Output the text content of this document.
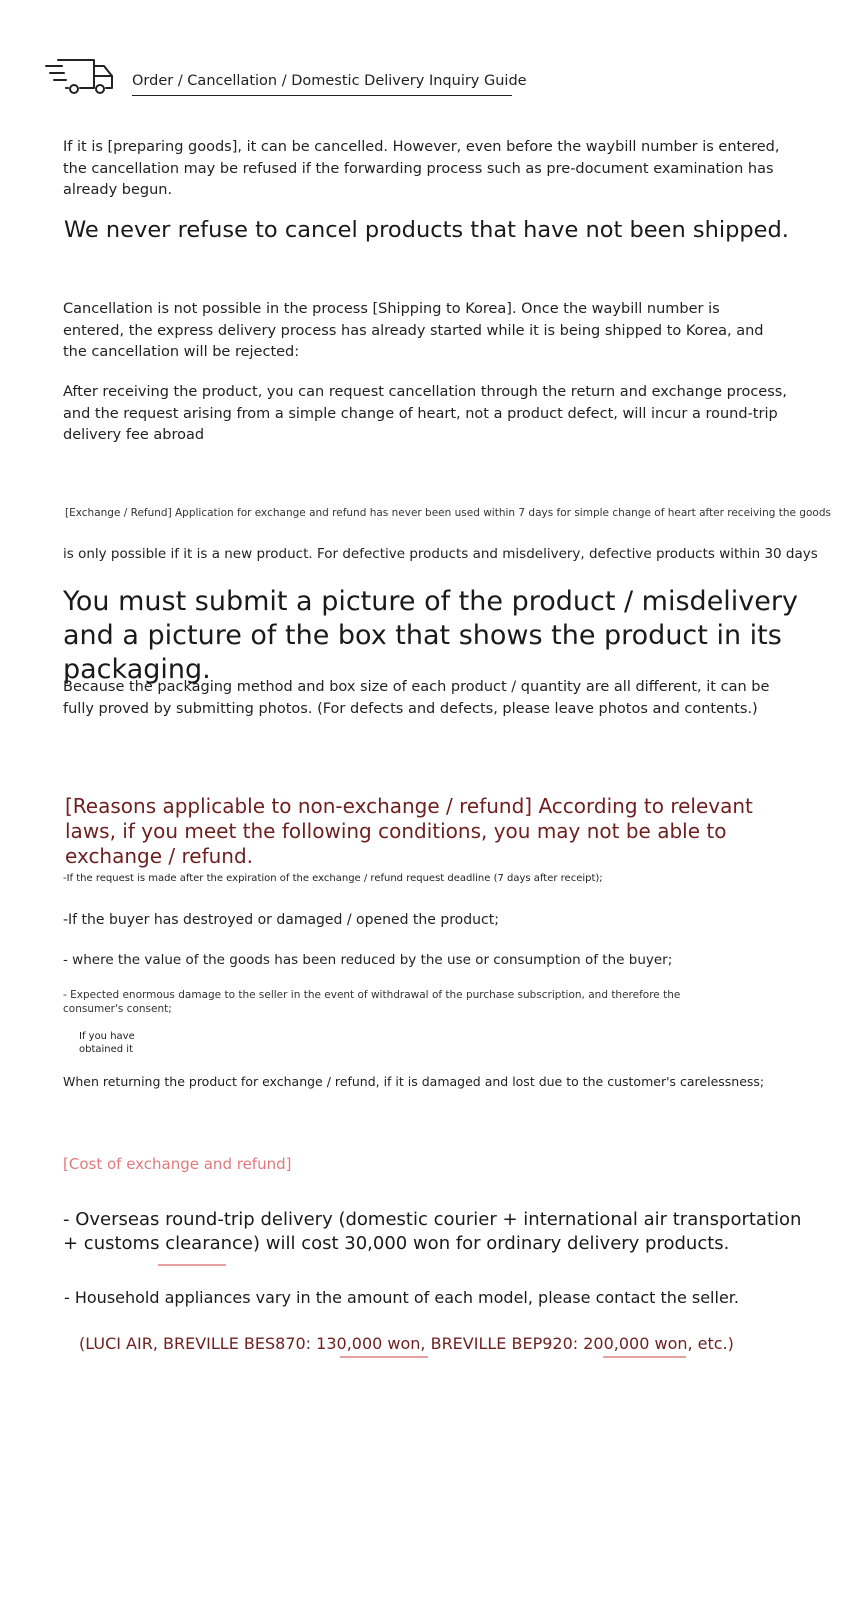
Order / Cancellation / Domestic Delivery Inquiry Guide
If it is [preparing goods], it can be cancelled. However, even before the waybill number is entered, the cancellation may be refused if the forwarding process such as pre-document examination has already begun.
We never refuse to cancel products that have not been shipped.
Cancellation is not possible in the process [Shipping to Korea]. Once the waybill number is entered, the express delivery process has already started while it is being shipped to Korea, and the cancellation will be rejected:
After receiving the product, you can request cancellation through the return and exchange process, and the request arising from a simple change of heart, not a product defect, will incur a round-trip delivery fee abroad
[Exchange / Refund] Application for exchange and refund has never been used within 7 days for simple change of heart after receiving the goods
is only possible if it is a new product. For defective products and misdelivery, defective products within 30 days
You must submit a picture of the product / misdelivery and a picture of the box that shows the product in its packaging.
Because the packaging method and box size of each product / quantity are all different, it can be fully proved by submitting photos. (For defects and defects, please leave photos and contents.)
[Reasons applicable to non-exchange / refund] According to relevant laws, if you meet the following conditions, you may not be able to exchange / refund.
-If the request is made after the expiration of the exchange / refund request deadline (7 days after receipt);
-If the buyer has destroyed or damaged / opened the product;
- where the value of the goods has been reduced by the use or consumption of the buyer;
- Expected enormous damage to the seller in the event of withdrawal of the purchase subscription, and therefore the consumer's consent;
If you have obtained it
When returning the product for exchange / refund, if it is damaged and lost due to the customer's carelessness;
[Cost of exchange and refund]
- Overseas round-trip delivery (domestic courier + international air transportation + customs clearance) will cost 30,000 won for ordinary delivery products.
- Household appliances vary in the amount of each model, please contact the seller.
(LUCI AIR, BREVILLE BES870: 130,000 won, BREVILLE BEP920: 200,000 won, etc.)
